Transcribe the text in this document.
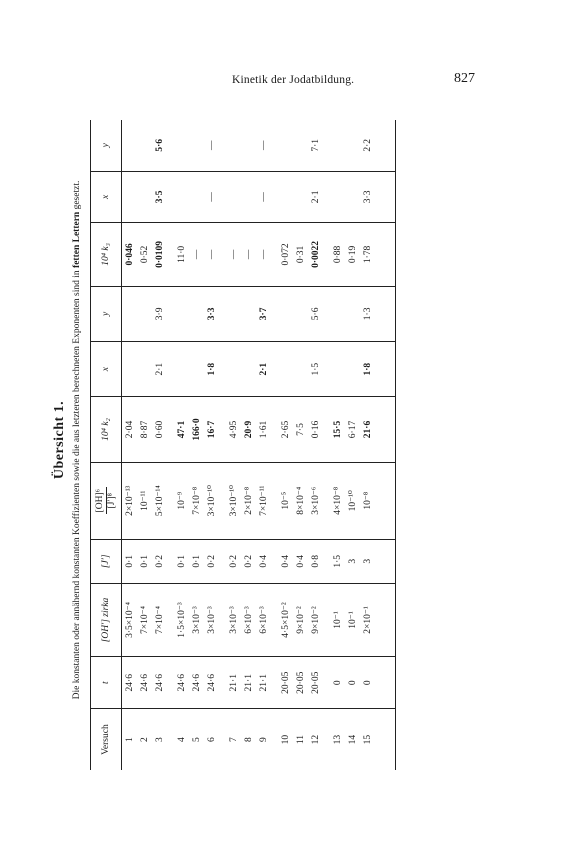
Kinetik der Jodatbildung.	827
Übersicht 1. Die konstanten oder annähernd konstanten Koeffizienten sowie die aus letzteren berechneten Exponenten sind in fetten Lettern gesetzt.
Versuch	t	[OH′] zirka	[J′]	[OH]⁶ [J′]⁸	10⁴ k₂	x	y	10⁴ k₃	x	y
1	24·6	3·5×10⁻⁴	0·1	2×10⁻¹³	2·04			0·046		
2	24·6	7×10⁻⁴	0·1	10⁻¹¹	8·87			0·52		
3	24·6	7×10⁻⁴	0·2	5×10⁻¹⁴	0·60	2·1	3·9	0·0109	3·5	5·6

4	24·6	1·5×10⁻³	0·1	10⁻⁹	47·1			11·0		
5	24·6	3×10⁻³	0·1	7×10⁻⁸	166·0			—		
6	24·6	3×10⁻³	0·2	3×10⁻¹⁰	16·7	1·8	3·3	—	—	—

7	21·1	3×10⁻³	0·2	3×10⁻¹⁰	4·95			—		
8	21·1	6×10⁻³	0·2	2×10⁻⁸	20·9			—		
9	21·1	6×10⁻³	0·4	7×10⁻¹¹	1·61	2·1	3·7	—	—	—

10	20·05	4·5×10⁻²	0·4	10⁻⁵	2·65			0·072		
11	20·05	9×10⁻²	0·4	8×10⁻⁴	7·5			0·31		
12	20·05	9×10⁻²	0·8	3×10⁻⁶	0·16	1·5	5·6	0·0022	2·1	7·1

13	0	10⁻¹	1·5	4×10⁻⁸	15·5			0·88		
14	0	10⁻¹	3	10⁻¹⁰	6·17			0·19		
15	0	2×10⁻¹	3	10⁻⁸	21·6	1·8	1·3	1·78	3·3	2·2
